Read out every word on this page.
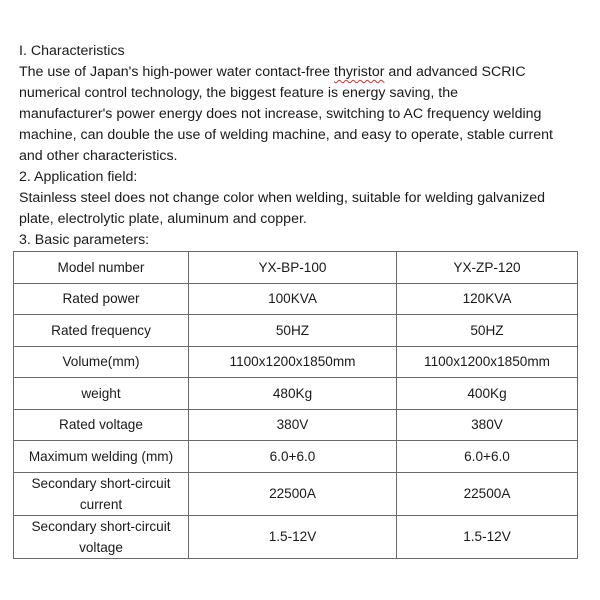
I. Characteristics

The use of Japan's high-power water contact-free thyristor and advanced SCRIC

numerical control technology, the biggest feature is energy saving, the

manufacturer's power energy does not increase, switching to AC frequency welding

machine, can double the use of welding machine, and easy to operate, stable current

and other characteristics.

2. Application field:

Stainless steel does not change color when welding, suitable for welding galvanized

plate, electrolytic plate, aluminum and copper.

3. Basic parameters:

Model number	YX-BP-100	YX-ZP-120
Rated power	100KVA	120KVA
Rated frequency	50HZ	50HZ
Volume(mm)	1100x1200x1850mm	1100x1200x1850mm
weight	480Kg	400Kg
Rated voltage	380V	380V
Maximum welding (mm)	6.0+6.0	6.0+6.0
Secondary short-circuit current	22500A	22500A
Secondary short-circuit voltage	1.5-12V	1.5-12V
